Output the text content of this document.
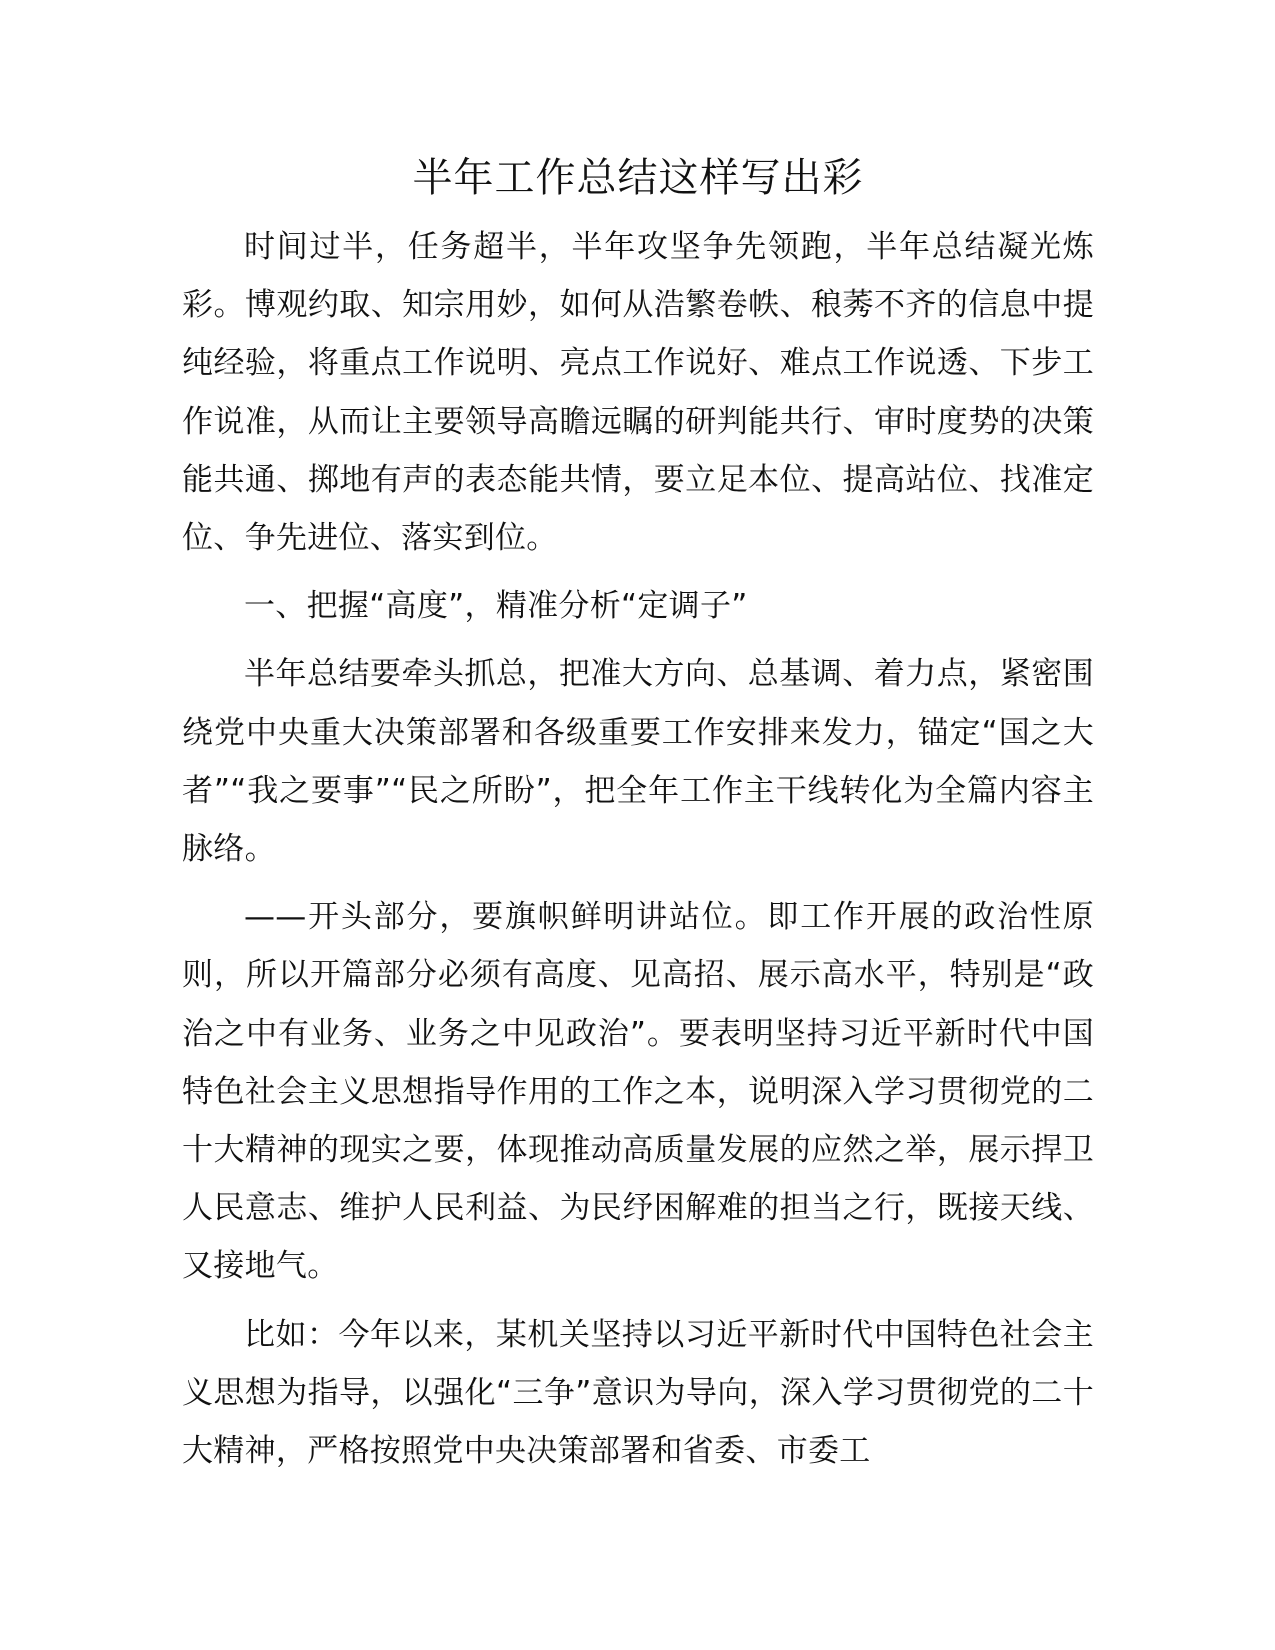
半年工作总结这样写出彩

时间过半，任务超半，半年攻坚争先领跑，半年总结凝光炼彩。博观约取、知宗用妙，如何从浩繁卷帙、稂莠不齐的信息中提纯经验，将重点工作说明、亮点工作说好、难点工作说透、下步工作说准，从而让主要领导高瞻远瞩的研判能共行、审时度势的决策能共通、掷地有声的表态能共情，要立足本位、提高站位、找准定位、争先进位、落实到位。

一、把握“高度”，精准分析“定调子”

半年总结要牵头抓总，把准大方向、总基调、着力点，紧密围绕党中央重大决策部署和各级重要工作安排来发力，锚定“国之大者”“我之要事”“民之所盼”，把全年工作主干线转化为全篇内容主脉络。

——开头部分，要旗帜鲜明讲站位。即工作开展的政治性原则，所以开篇部分必须有高度、见高招、展示高水平，特别是“政治之中有业务、业务之中见政治”。要表明坚持习近平新时代中国特色社会主义思想指导作用的工作之本，说明深入学习贯彻党的二十大精神的现实之要，体现推动高质量发展的应然之举，展示捍卫人民意志、维护人民利益、为民纾困解难的担当之行，既接天线、又接地气。

比如：今年以来，某机关坚持以习近平新时代中国特色社会主义思想为指导，以强化“三争”意识为导向，深入学习贯彻党的二十大精神，严格按照党中央决策部署和省委、市委工
